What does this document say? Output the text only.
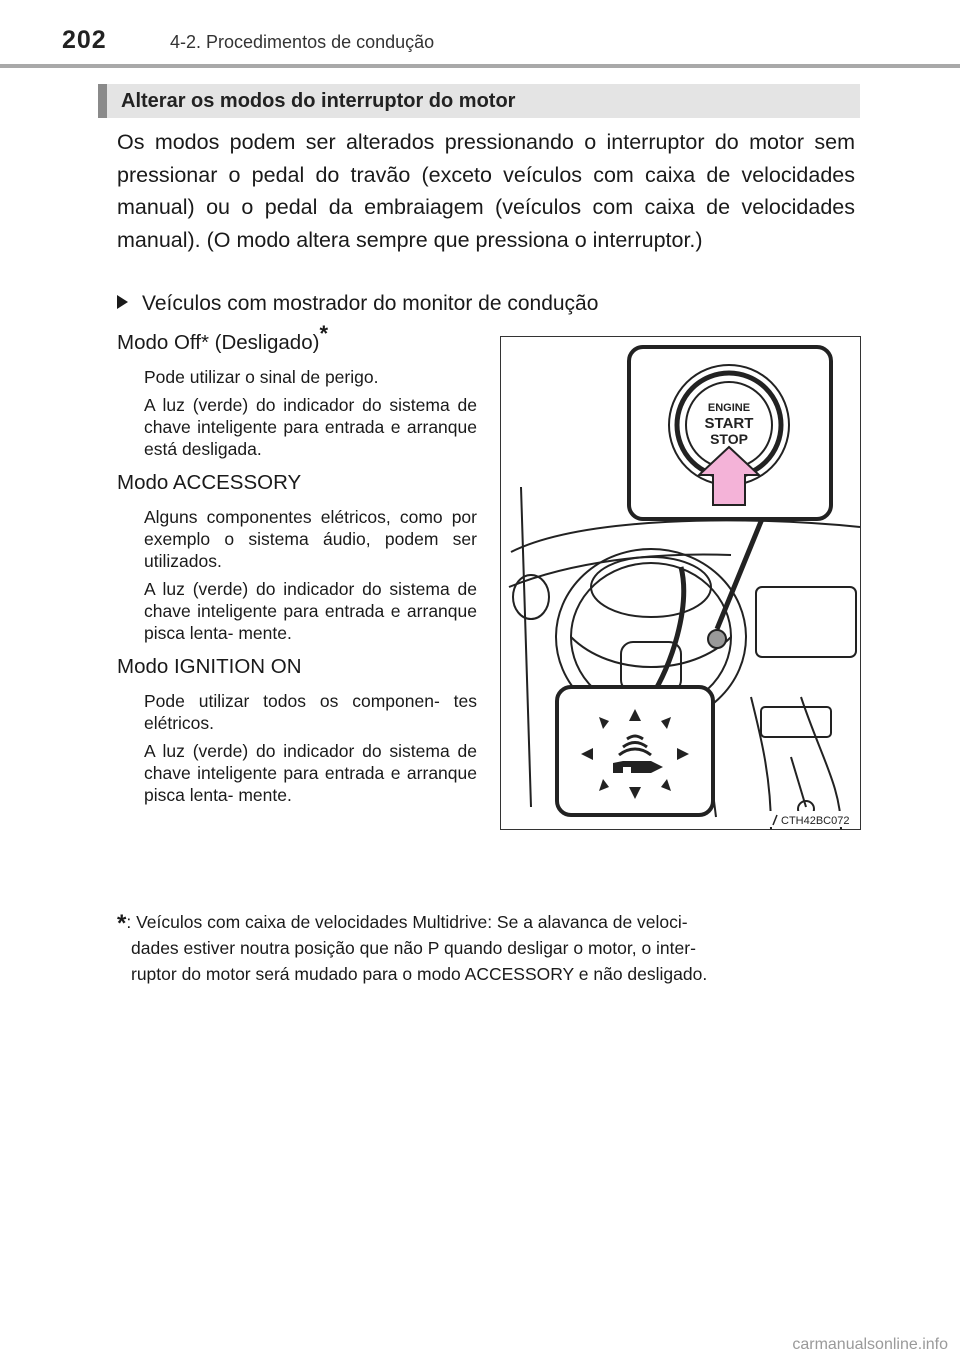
202	4-2. Procedimentos de condução
Alterar os modos do interruptor do motor

Os modos podem ser alterados pressionando o interruptor do motor sem pressionar o pedal do travão (exceto veículos com caixa de velocidades manual) ou o pedal da embraiagem (veículos com caixa de velocidades manual). (O modo altera sempre que pressiona o interruptor.)

Veículos com mostrador do monitor de condução

Modo Off* (Desligado)*

Pode utilizar o sinal de perigo.

A luz (verde) do indicador do sistema de chave inteligente para entrada e arranque está desligada.

Modo ACCESSORY

Alguns componentes elétricos, como por exemplo o sistema áudio, podem ser utilizados.

A luz (verde) do indicador do sistema de chave inteligente para entrada e arranque pisca lenta- mente.

Modo IGNITION ON

Pode utilizar todos os componen- tes elétricos.

A luz (verde) do indicador do sistema de chave inteligente para entrada e arranque pisca lenta- mente.

ENGINE
START
STOP
CTH42BC072
*: Veículos com caixa de velocidades Multidrive: Se a alavanca de veloci-
dades estiver noutra posição que não P quando desligar o motor, o inter-
ruptor do motor será mudado para o modo ACCESSORY e não desligado.
carmanualsonline.info
